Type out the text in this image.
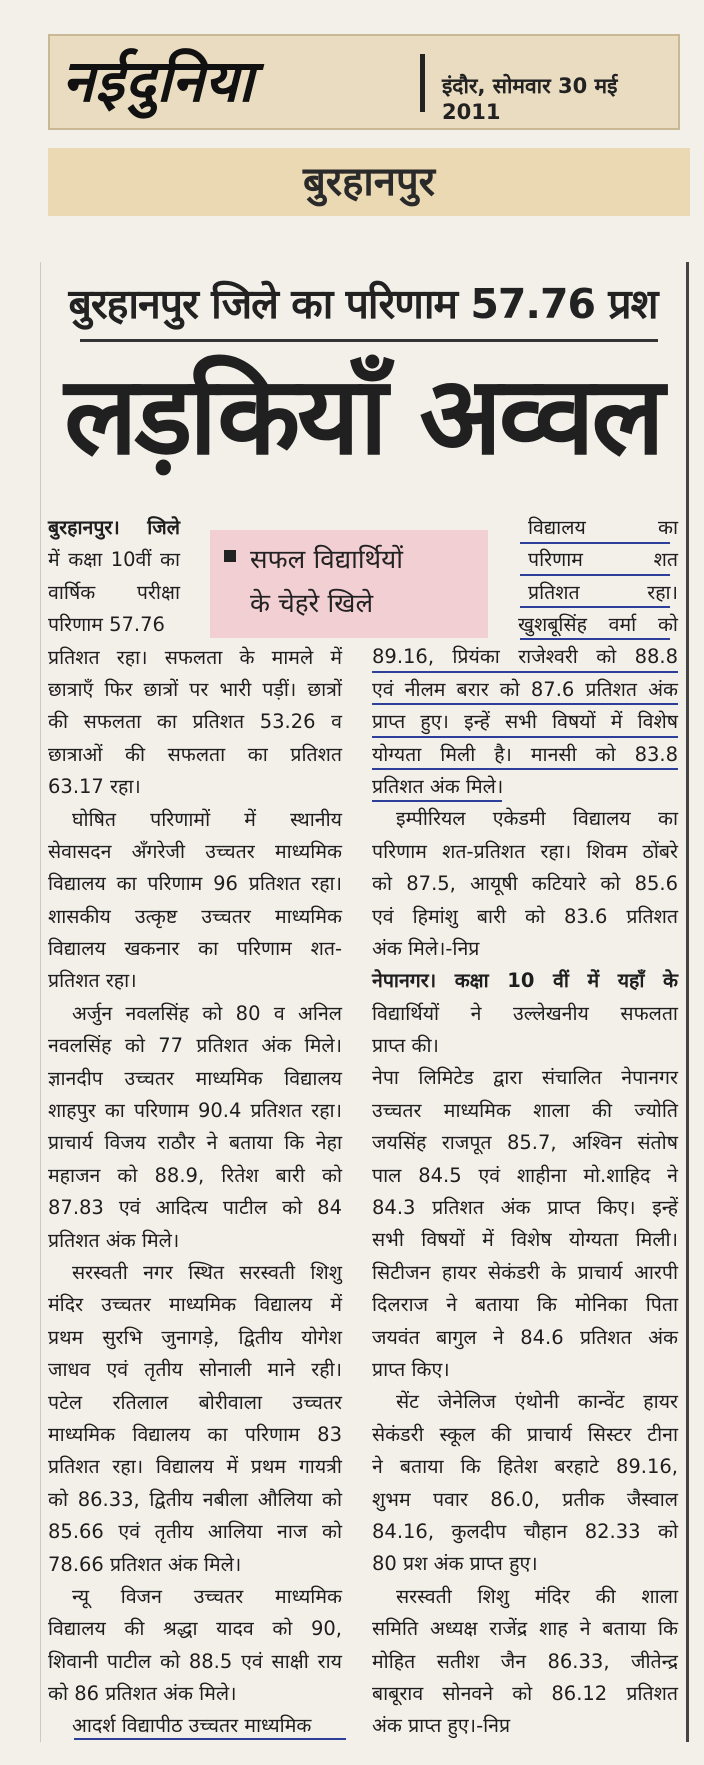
नईदुनिया	इंदौर, सोमवार 30 मई 2011
बुरहानपुर
बुरहानपुर जिले का परिणाम 57.76 प्रश
लड़कियाँ अव्वल
सफल विद्यार्थियों
के चेहरे खिले

बुरहानपुर। जिले

में कक्षा 10वीं का

वार्षिक परीक्षा

परिणाम 57.76

प्रतिशत रहा। सफलता के मामले में

छात्राएँ फिर छात्रों पर भारी पड़ीं। छात्रों

की सफलता का प्रतिशत 53.26 व

छात्राओं की सफलता का प्रतिशत

63.17 रहा।

घोषित परिणामों में स्थानीय

सेवासदन अँगरेजी उच्चतर माध्यमिक

विद्यालय का परिणाम 96 प्रतिशत रहा।

शासकीय उत्कृष्ट उच्चतर माध्यमिक

विद्यालय खकनार का परिणाम शत-

प्रतिशत रहा।

अर्जुन नवलसिंह को 80 व अनिल

नवलसिंह को 77 प्रतिशत अंक मिले।

ज्ञानदीप उच्चतर माध्यमिक विद्यालय

शाहपुर का परिणाम 90.4 प्रतिशत रहा।

प्राचार्य विजय राठौर ने बताया कि नेहा

महाजन को 88.9, रितेश बारी को

87.83 एवं आदित्य पाटील को 84

प्रतिशत अंक मिले।

सरस्वती नगर स्थित सरस्वती शिशु

मंदिर उच्चतर माध्यमिक विद्यालय में

प्रथम सुरभि जुनागड़े, द्वितीय योगेश

जाधव एवं तृतीय सोनाली माने रही।

पटेल रतिलाल बोरीवाला उच्चतर

माध्यमिक विद्यालय का परिणाम 83

प्रतिशत रहा। विद्यालय में प्रथम गायत्री

को 86.33, द्वितीय नबीला औलिया को

85.66 एवं तृतीय आलिया नाज को

78.66 प्रतिशत अंक मिले।

न्यू विजन उच्चतर माध्यमिक

विद्यालय की श्रद्धा यादव को 90,

शिवानी पाटील को 88.5 एवं साक्षी राय

को 86 प्रतिशत अंक मिले।

आदर्श विद्यापीठ उच्चतर माध्यमिक

विद्यालय का

परिणाम शत

प्रतिशत रहा।

खुशबूसिंह वर्मा को

89.16, प्रियंका राजेश्वरी को 88.8

एवं नीलम बरार को 87.6 प्रतिशत अंक

प्राप्त हुए। इन्हें सभी विषयों में विशेष

योग्यता मिली है। मानसी को 83.8

प्रतिशत अंक मिले।

इम्पीरियल एकेडमी विद्यालय का

परिणाम शत-प्रतिशत रहा। शिवम ठोंबरे

को 87.5, आयूषी कटियारे को 85.6

एवं हिमांशु बारी को 83.6 प्रतिशत

अंक मिले।-निप्र

नेपानगर। कक्षा 10 वीं में यहाँ के

विद्यार्थियों ने उल्लेखनीय सफलता

प्राप्त की।

नेपा लिमिटेड द्वारा संचालित नेपानगर

उच्चतर माध्यमिक शाला की ज्योति

जयसिंह राजपूत 85.7, अश्विन संतोष

पाल 84.5 एवं शाहीना मो.शाहिद ने

84.3 प्रतिशत अंक प्राप्त किए। इन्हें

सभी विषयों में विशेष योग्यता मिली।

सिटीजन हायर सेकंडरी के प्राचार्य आरपी

दिलराज ने बताया कि मोनिका पिता

जयवंत बागुल ने 84.6 प्रतिशत अंक

प्राप्त किए।

सेंट जेनेलिज एंथोनी कान्वेंट हायर

सेकंडरी स्कूल की प्राचार्य सिस्टर टीना

ने बताया कि हितेश बरहाटे 89.16,

शुभम पवार 86.0, प्रतीक जैस्वाल

84.16, कुलदीप चौहान 82.33 को

80 प्रश अंक प्राप्त हुए।

सरस्वती शिशु मंदिर की शाला

समिति अध्यक्ष राजेंद्र शाह ने बताया कि

मोहित सतीश जैन 86.33, जीतेन्द्र

बाबूराव सोनवने को 86.12 प्रतिशत

अंक प्राप्त हुए।-निप्र
